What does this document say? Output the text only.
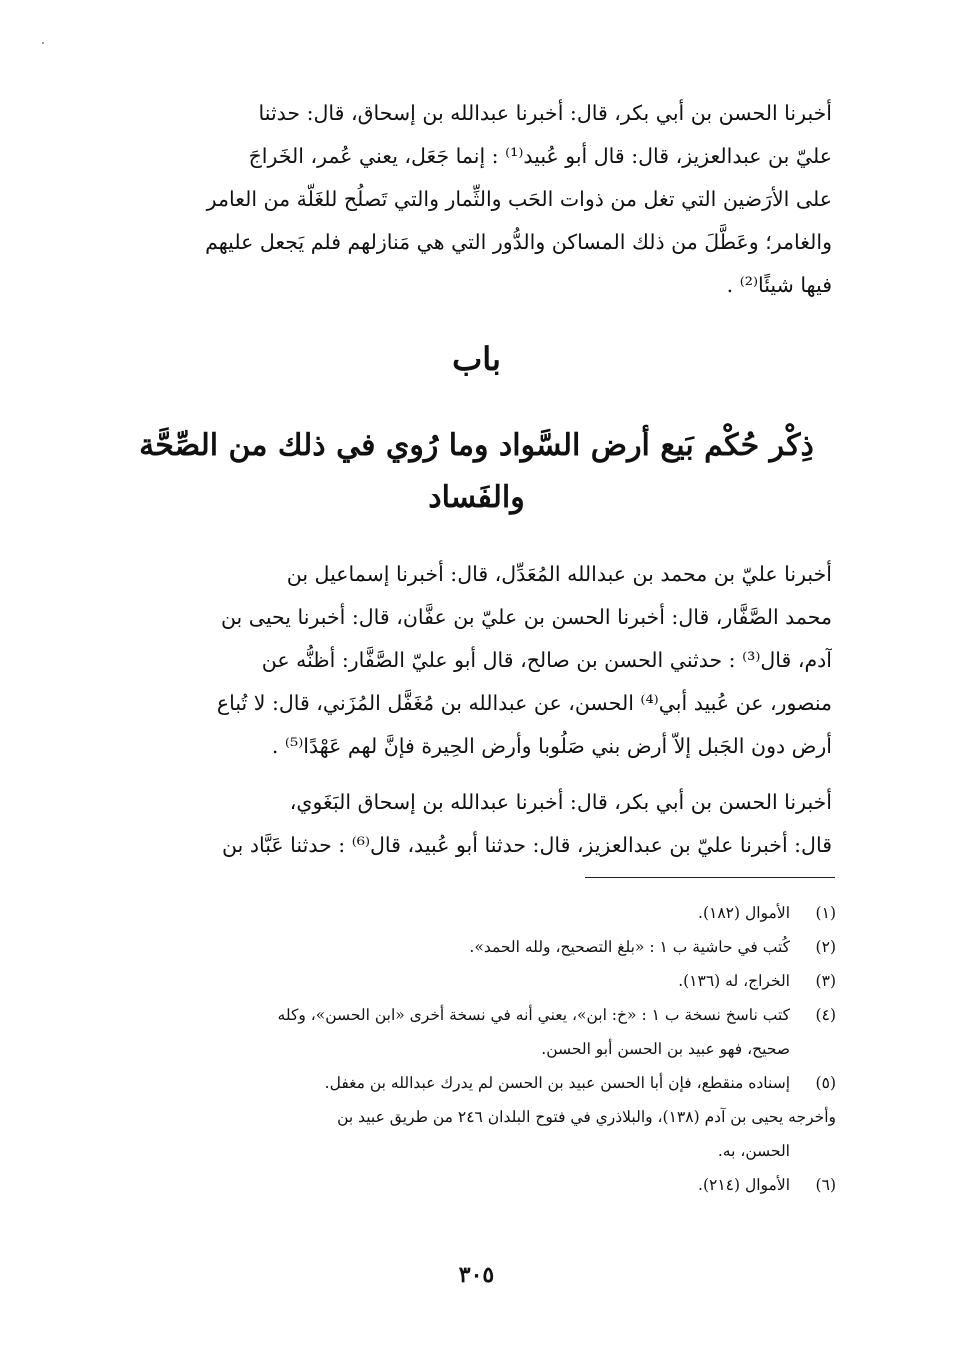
أخبرنا الحسن بن أبي بكر، قال: أخبرنا عبدالله بن إسحاق، قال: حدثنا
عليّ بن عبدالعزيز، قال: قال أبو عُبيد⁽¹⁾ : إنما جَعَل، يعني عُمر، الخَراجَ
على الأرَضين التي تغل من ذوات الحَب والثِّمار والتي تَصلُح للغَلّة من العامر
والغامر؛ وعَطَّلَ من ذلك المساكن والدُّور التي هي مَنازلهم فلم يَجعل عليهم
فيها شيئًا⁽²⁾ .
باب
ذِكْر حُكْم بَيع أرض السَّواد وما رُوي في ذلك من الصِّحَّة
والفَساد
أخبرنا عليّ بن محمد بن عبدالله المُعَدِّل، قال: أخبرنا إسماعيل بن
محمد الصَّفَّار، قال: أخبرنا الحسن بن عليّ بن عفَّان، قال: أخبرنا يحيى بن
آدم، قال⁽³⁾ : حدثني الحسن بن صالح، قال أبو عليّ الصَّفَّار: أظنُّه عن
منصور، عن عُبيد أبي⁽⁴⁾ الحسن، عن عبدالله بن مُغَفَّل المُزَني، قال: لا تُباع
أرض دون الجَبل إلاّ أرض بني صَلُوبا وأرض الحِيرة فإنَّ لهم عَهْدًا⁽⁵⁾ .
أخبرنا الحسن بن أبي بكر، قال: أخبرنا عبدالله بن إسحاق البَغَوي،
قال: أخبرنا عليّ بن عبدالعزيز، قال: حدثنا أبو عُبيد، قال⁽⁶⁾ : حدثنا عَبَّاد بن
(١)
الأموال (١٨٢).
(٢)
كُتب في حاشية ب ١ : «بلغ التصحيح، ولله الحمد».
(٣)
الخراج، له (١٣٦).
(٤)
كتب ناسخ نسخة ب ١ : «خ: ابن»، يعني أنه في نسخة أخرى «ابن الحسن»، وكله
صحيح، فهو عبيد بن الحسن أبو الحسن.
(٥)
إسناده منقطع، فإن أبا الحسن عبيد بن الحسن لم يدرك عبدالله بن مغفل.
وأخرجه يحيى بن آدم (١٣٨)، والبلاذري في فتوح البلدان ٢٤٦ من طريق عبيد بن
الحسن، به.
(٦)
الأموال (٢١٤).
٣٠٥
